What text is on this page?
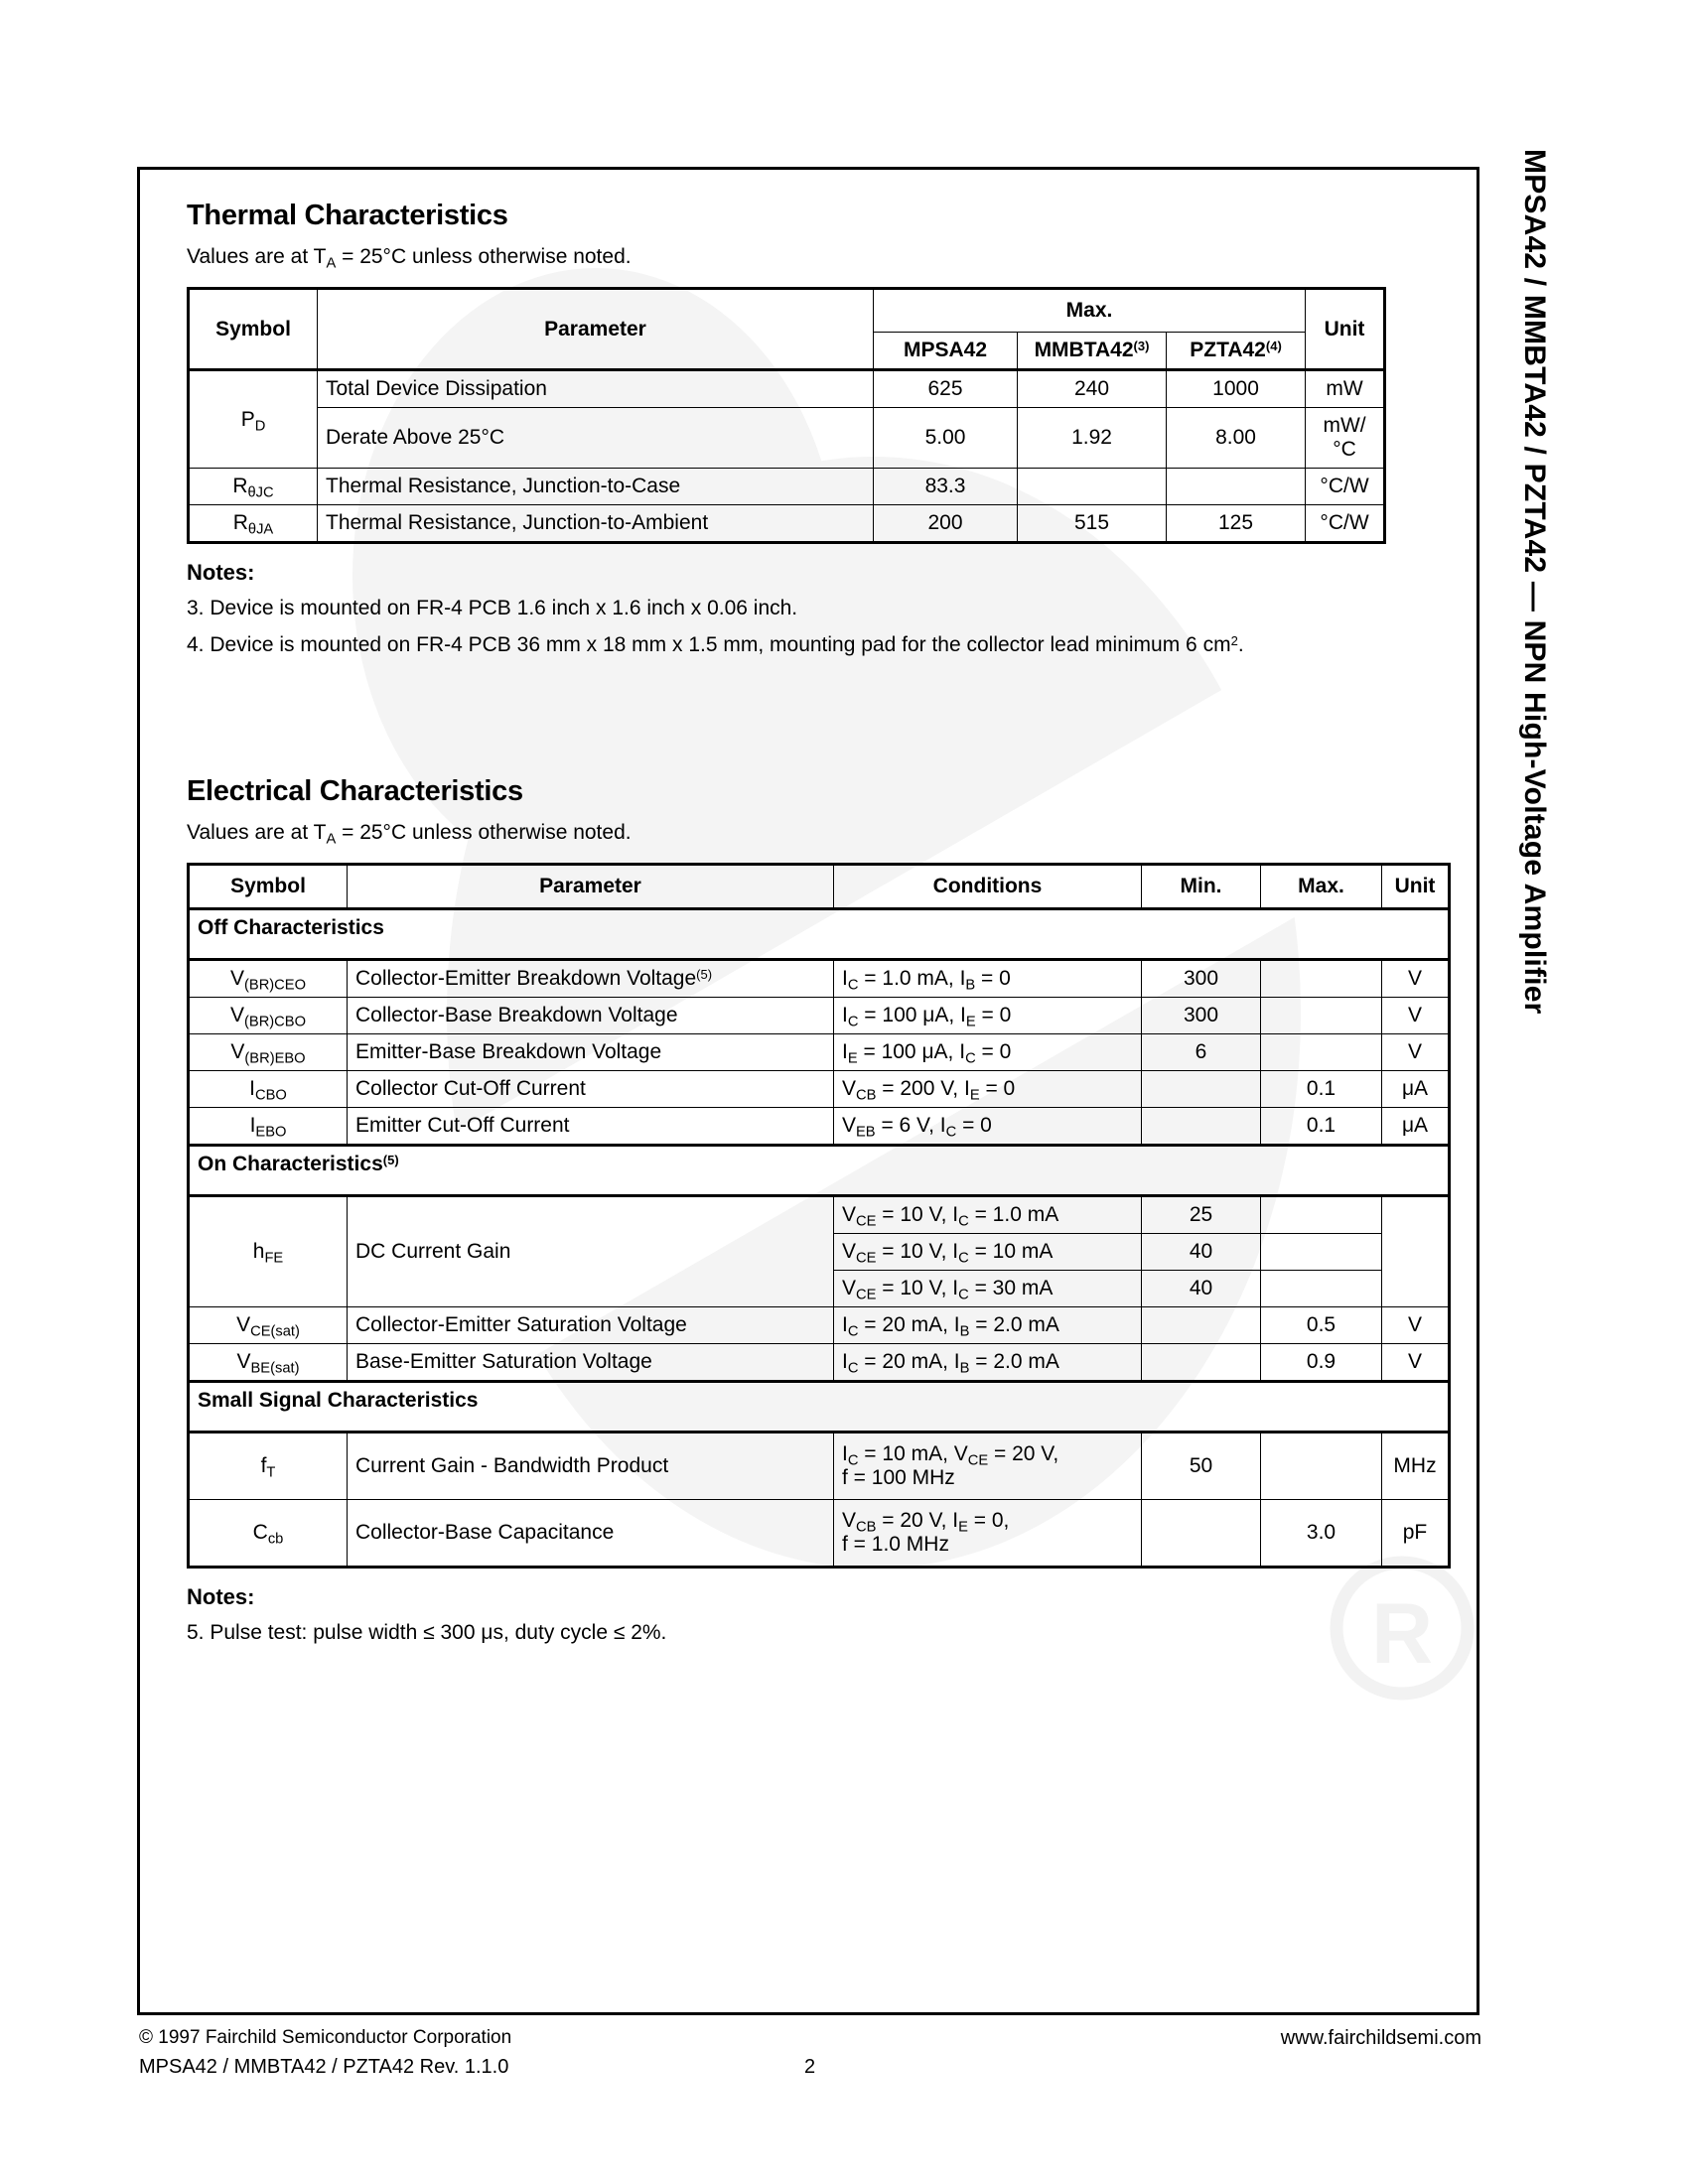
R
MPSA42 / MMBTA42 / PZTA42 — NPN High-Voltage Amplifier
Thermal Characteristics
Values are at $T_A = 25^\circ C$ unless otherwise noted.
Symbol	Parameter	Max.			Unit
		MPSA42	MMBTA42$^{(3)}$	PZTA42$^{(4)}$
$P_D$	Total Device Dissipation	625	240	1000	mW
	Derate Above 25°C	5.00	1.92	8.00	mW/°C
$R_{\theta JC}$	Thermal Resistance, Junction-to-Case	83.3			°C/W
$R_{\theta JA}$	Thermal Resistance, Junction-to-Ambient	200	515	125	°C/W
Notes:
3. Device is mounted on FR-4 PCB 1.6 inch x 1.6 inch x 0.06 inch.
4. Device is mounted on FR-4 PCB 36 mm x 18 mm x 1.5 mm, mounting pad for the collector lead minimum 6 $cm^2$.
Electrical Characteristics
Values are at $T_A = 25^\circ C$ unless otherwise noted.
Symbol	Parameter	Conditions	Min.	Max.	Unit
Off Characteristics					
$V_{(BR)CEO}$	Collector-Emitter Breakdown Voltage$^{(5)}$	$I_C = 1.0$ mA, $I_B = 0$	300		V
$V_{(BR)CBO}$	Collector-Base Breakdown Voltage	$I_C = 100$ μA, $I_E = 0$	300		V
$V_{(BR)EBO}$	Emitter-Base Breakdown Voltage	$I_E = 100$ μA, $I_C = 0$	6		V
$I_{CBO}$	Collector Cut-Off Current	$V_{CB} = 200$ V, $I_E = 0$		0.1	μA
$I_{EBO}$	Emitter Cut-Off Current	$V_{EB} = 6$ V, $I_C = 0$		0.1	μA
On Characteristics$^{(5)}$
$h_{FE}$	DC Current Gain	$V_{CE} = 10$ V, $I_C = 1.0$ mA	25		
		$V_{CE} = 10$ V, $I_C = 10$ mA	40		
		$V_{CE} = 10$ V, $I_C = 30$ mA	40		
$V_{CE(sat)}$	Collector-Emitter Saturation Voltage	$I_C = 20$ mA, $I_B = 2.0$ mA		0.5	V
$V_{BE(sat)}$	Base-Emitter Saturation Voltage	$I_C = 20$ mA, $I_B = 2.0$ mA		0.9	V
Small Signal Characteristics					
$f_T$	Current Gain - Bandwidth Product	$I_C = 10$ mA, $V_{CE} = 20$ V,
f = 100 MHz	50		MHz
$C_{cb}$	Collector-Base Capacitance	$V_{CB} = 20$ V, $I_E = 0$,
f = 1.0 MHz		3.0	pF
Notes:
5. Pulse test: pulse width ≤ 300 μs, duty cycle ≤ 2%.
© 1997 Fairchild Semiconductor Corporation
MPSA42 / MMBTA42 / PZTA42 Rev. 1.1.0	2
www.fairchildsemi.com
